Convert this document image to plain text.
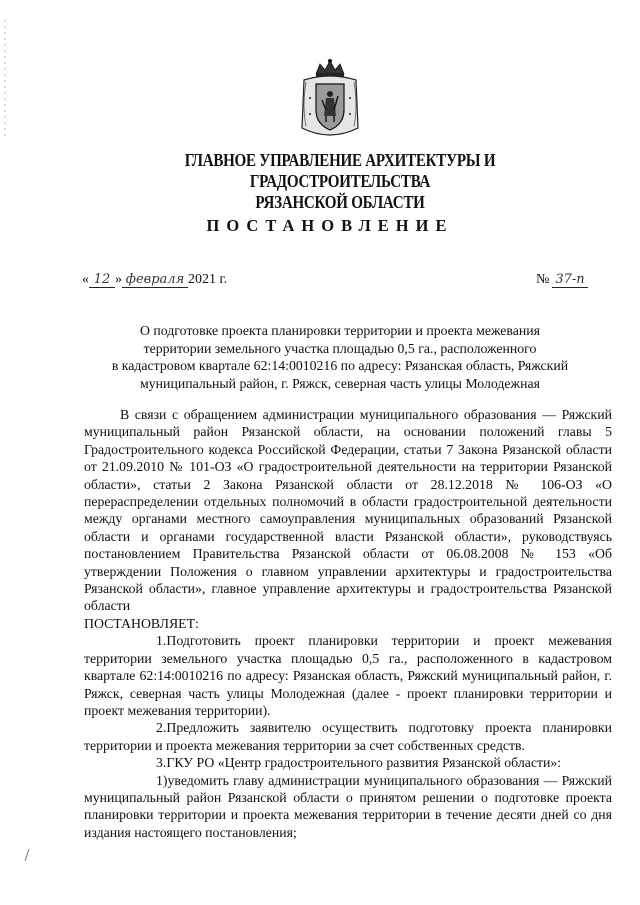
ГЛАВНОЕ УПРАВЛЕНИЕ АРХИТЕКТУРЫ И ГРАДОСТРОИТЕЛЬСТВА
РЯЗАНСКОЙ ОБЛАСТИ
ПОСТАНОВЛЕНИЕ
« 12 » февраля 2021 г.	№ 37-п
О подготовке проекта планировки территории и проекта межевания
территории земельного участка площадью 0,5 га., расположенного
в кадастровом квартале 62:14:0010216 по адресу: Рязанская область, Ряжский
муниципальный район, г. Ряжск, северная часть улицы Молодежная

В связи с обращением администрации муниципального образования — Ряжский муниципальный район Рязанской области, на основании положений главы 5 Градостроительного кодекса Российской Федерации, статьи 7 Закона Рязанской области от 21.09.2010 № 101-ОЗ «О градостроительной деятельности на территории Рязанской области», статьи 2 Закона Рязанской области от 28.12.2018 № 106-ОЗ «О перераспределении отдельных полномочий в области градостроительной деятельности между органами местного самоуправления муниципальных образований Рязанской области и органами государственной власти Рязанской области», руководствуясь постановлением Правительства Рязанской области от 06.08.2008 № 153 «Об утверждении Положения о главном управлении архитектуры и градостроительства Рязанской области», главное управление архитектуры и градостроительства Рязанской области

ПОСТАНОВЛЯЕТ:

1.Подготовить проект планировки территории и проект межевания территории земельного участка площадью 0,5 га., расположенного в кадастровом квартале 62:14:0010216 по адресу: Рязанская область, Ряжский муниципальный район, г. Ряжск, северная часть улицы Молодежная (далее - проект планировки территории и проект межевания территории).

2.Предложить заявителю осуществить подготовку проекта планировки территории и проекта межевания территории за счет собственных средств.

3.ГКУ РО «Центр градостроительного развития Рязанской области»:

1)уведомить главу администрации муниципального образования — Ряжский муниципальный район Рязанской области о принятом решении о подготовке проекта планировки территории и проекта межевания территории в течение десяти дней со дня издания настоящего постановления;
